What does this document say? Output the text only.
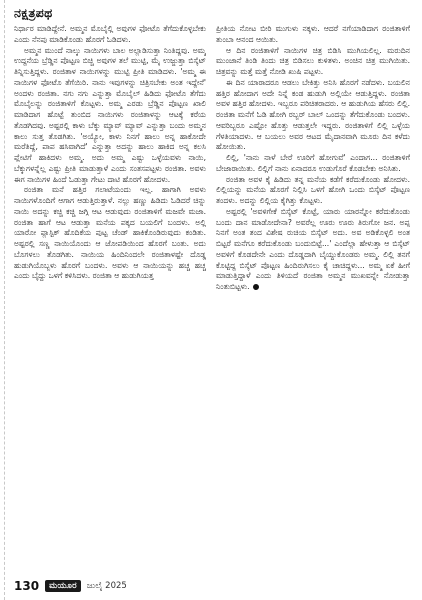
ನಕ್ಷತ್ರಪಥ

ನಿರ್ಧಾರ ಮಾಡಿದ್ದೇನೆ. ಅಮ್ಮನ ಮೊಬೈಲ್ಲಿ ಅವುಗಳ ಫೋಟೊ ತೆಗೆದುಕೊಳ್ಳಬೇಕು ಎಂದು ನೆನಪು ಮಾಡಿಕೊಂಡು ಹೊರಗೆ ಓಡಿದಳು.

ಅಮ್ಮನ ಮುಂದೆ ನಾಲ್ಕು ನಾಯಿಗಳು ಬಾಲ ಅಲ್ಲಾಡಿಸುತ್ತಾ ನಿಂತಿದ್ದವು. ಅಮ್ಮ ಉದ್ದನೆಯ ಬ್ರೆಡ್ಡಿನ ಪೊಟ್ಟಣ ಬಿಚ್ಚಿ ಅವುಗಳ ತಲೆ ಮುಟ್ಟಿ, ಮೈ ಉಜ್ಜುತ್ತಾ ಬಿಸ್ಕೆಟ್ ತಿನ್ನಿಸುತ್ತಿದ್ದಳು. ರಂಜಿತಾಳ ನಾಯಿಗಳನ್ನು ಮುಟ್ಟಿ ಪ್ರೀತಿ ಮಾಡಿದಳು. 'ಅಮ್ಮ ಈ ನಾಯಿಗಳ ಫೋಟೊ ತೆಗೆಯಿರಿ. ನಾನು ಇವುಗಳನ್ನು ಚಿತ್ರಿಸಬೇಕು ಅಂತ ಇದ್ದೇನೆ' ಅಂದಳು ರಂಜಿತಾ. ನಗು ನಗು ಎನ್ನುತ್ತಾ ಮೊಬೈಲ್ ಹಿಡಿದು ಫೋಟೊ ತೆಗೆದು ಮೊಬೈಲನ್ನು ರಂಜಿತಾಳಿಗೆ ಕೊಟ್ಟಳು. ಅಮ್ಮ ಎರಡು ಬ್ರೆಡ್ಡಿನ ಪೊಟ್ಟಣ ಖಾಲಿ ಮಾಡಿದಾಗ ಹೊಟ್ಟೆ ತುಂಬಿದ ನಾಯಿಗಳು ರಂಜಿತಾಳನ್ನು ಆಟಕ್ಕೆ ಕರೆಯ ತೊಡಗಿದವು. ಅಷ್ಟರಲ್ಲಿ ಕಾಳು ಬೆಕ್ಕು ಮ್ಯಾವ್ ಮ್ಯಾವ್ ಎನ್ನುತ್ತಾ ಬಂದು ಅಮ್ಮನ ಕಾಲು ಸುತ್ತ ತೊಡಗಿತು. 'ಅಯ್ಯೋ, ಕಾಳು ನಿನಗೆ ಹಾಲು ಅನ್ನ ಹಾಕೋದೇ ಮರೆತಿದ್ದೆ, ಪಾಪ ಹಸಿವಾಗಿದೆ' ಎನ್ನುತ್ತಾ ಅದನ್ನು ಹಾಲು ಹಾಕಿದ ಅನ್ನ ಕಲಸಿ ಪ್ಲೇಟಿಗೆ ಹಾಕಿದಳು ಅಮ್ಮ. ಅದು ಅಮ್ಮ ಎಷ್ಟು ಒಳ್ಳೆಯವಳು ನಾಯಿ, ಬೆಕ್ಕುಗಳನ್ನೆಲ್ಲ ಎಷ್ಟು ಪ್ರೀತಿ ಮಾಡುತ್ತಾಳೆ ಎಂದು ಸಂತಸಪಟ್ಟಳು ರಂಜಿತಾ. ಅವಳು ಈಗ ನಾಯಿಗಳ ಹಿಂದೆ ಓಡುತ್ತಾ ಗೇಟು ದಾಟಿ ಹೊರಗೆ ಹೋದಳು.

ರಂಜಿತಾ ಮನೆ ಹತ್ತಿರ ಗಲಾಟೆಯಂದು ಇಲ್ಲ. ಹಾಗಾಗಿ ಅವಳು ನಾಯಿಗಳೊಂದಿಗೆ ಆಗಾಗ ಆಡುತ್ತಿರುತ್ತಾಳೆ. ನಲ್ಲು ಹಣ್ಣು ಹಿಡಿದು ಓಡಿದರೆ ಚಿನ್ನು ನಾಯಿ ಅದನ್ನು ಕಚ್ಚಿ ಕಚ್ಚಿ ಜಗ್ಗಿ ಆಟ ಆಡುವುದು ರಂಜಿತಾಳಿಗೆ ಮಜವೇ ಮಜಾ. ರಂಜಿತಾ ಹಾಗೆ ಆಟ ಆಡುತ್ತಾ ಮನೆಯ ಪಕ್ಕದ ಬಯಲಿಗೆ ಬಂದಳು. ಅಲ್ಲಿ ಯಾರೋ ಪ್ಲಾಸ್ಟಿಕ್ ಹೊದಿಕೆಯ ಪುಟ್ಟ ಚೆಂಡ್ ಹಾಕಿಕೊಂಡಿರುವುದು ಕಂಡಿತು. ಅಷ್ಟರಲ್ಲಿ ಸಣ್ಣ ನಾಯಿಯೊಂದು ಆ ಜೋಪಡಿಯಿಂದ ಹೊರಗೆ ಬಂತು. ಅದು ಬೊಗಳಲು ತೊಡಗಿತು. ನಾಯಿಯ ಹಿಂದಿನಿಂದಲೇ ರಂಜಿತಾಳಷ್ಟೇ ದೊಡ್ಡ ಹುಡುಗಿಯೊಬ್ಬಳು ಹೊರಗೆ ಬಂದಳು. ಅವಳು ಆ ನಾಯಿಯನ್ನು ಹಚ್ಚ ಹಚ್ಚ ಎಂದು ಬೈದ್ದು ಒಳಗೆ ಕಳಿಸಿದಳು. ರಂಜಿತಾ ಆ ಹುಡುಗಿಯತ್ತ

ಪ್ರೀತಿಯ ನೋಟ ಬೀರಿ ಮುಗುಳು ನಕ್ಕಳು. ಆದರೆ ನಗೆಯಾಡಿದಾಗ ರಂಜಿತಾಳಿಗೆ ತುಂಬಾ ಆನಂದ ಆಯಿತು.

ಆ ದಿನ ರಂಜಿತಾಳಿಗೆ ನಾಯಿಗಳ ಚಿತ್ರ ಬಿಡಿಸಿ ಮುಗಿಯಲಿಲ್ಲ. ಮರುದಿನ ಮುಂಜಾನೆ ತಿಂಡಿ ತಿಂದು ಚಿತ್ರ ಬಿಡಿಸಲು ಕುಳಿತಳು. ಅಂಚಿನ ಚಿತ್ರ ಮುಗಿಯಿತು. ಚಿತ್ರವನ್ನು ಮತ್ತೆ ಮತ್ತೆ ನೋಡಿ ಖುಷಿ ಪಟ್ಟಳು.

ಈ ದಿನ ಯಾರಾದರೂ ಆಡಲು ಬೇಕಿತ್ತು ಅನಿಸಿ ಹೊರಗೆ ನಡೆದಳು. ಬಯಲಿನ ಹತ್ತಿರ ಹೋದಾಗ ಅದೇ ನಿನ್ನೆ ಕಂಡ ಹುಡುಗಿ ಅಲ್ಲಿಯೇ ಆಡುತ್ತಿದ್ದಳು. ರಂಜಿತಾ ಅವಳ ಹತ್ತಿರ ಹೋದಳು. ಇಬ್ಬರೂ ಪರಿಚಿತರಾದರು. ಆ ಹುಡುಗಿಯ ಹೆಸರು ಲಿಲ್ಲಿ. ರಂಜಿತಾ ಮನೆಗೆ ಓಡಿ ಹೋಗಿ ರಬ್ಬರ್ ಬಾಲ್ ಒಂದನ್ನು ತೆಗೆದುಕೊಂಡು ಬಂದಳು. ಆವರಿಬ್ಬರೂ ಎಷ್ಟೋ ಹೊತ್ತು ಆಡುತ್ತಲೇ ಇದ್ದರು. ರಂಜಿತಾಳಿಗೆ ಲಿಲ್ಲಿ ಒಳ್ಳೆಯ ಗೆಳತಿಯಾದಳು. ಆ ಬಯಲು ಅವರ ಆಟದ ಮೈದಾನವಾಗಿ ಮೂರು ದಿನ ಕಳೆದು ಹೋಯಿತು.

ಲಿಲ್ಲಿ, 'ನಾನು ನಾಳೆ ಬೇರೆ ಊರಿಗೆ ಹೋಗುವೆ' ಎಂದಾಗ... ರಂಜಿತಾಳಿಗೆ ಬೇಜಾರಾಯಿತು. ಲಿಲ್ಲಿಗೆ ನಾನು ಏನಾದರೂ ಉಡುಗೊರೆ ಕೊಡಬೇಕು ಅನಿಸಿತು.

ರಂಜಿತಾ ಅವಳ ಕೈ ಹಿಡಿದು ತನ್ನ ಮನೆಯ ಕಡೆಗೆ ಕರೆದುಕೊಂಡು ಹೋದಳು. ಲಿಲ್ಲಿಯನ್ನು ಮನೆಯ ಹೊರಗೆ ನಿಲ್ಲಿಸಿ ಒಳಗೆ ಹೋಗಿ ಒಂದು ಬಿಸ್ಕೆಟ್ ಪೊಟ್ಟಣ ತಂದಳು. ಅದನ್ನು ಲಿಲ್ಲಿಯ ಕೈಗಿತ್ತು ಕೊಟ್ಟಳು.

ಅಷ್ಟರಲ್ಲಿ 'ಅವಳಿಗೇಕೆ ಬಿಸ್ಕೆಟ್ ಕೊಟ್ಟೆ, ಯಾರು ಯಾರನ್ನೋ ಕರೆದುಕೊಂಡು ಬಂದು ದಾನ ಮಾಡೋದೇನಾ? ಅವರೆಲ್ಲ ಊರು ಊರು ತಿರುಗೋ ಜನ. ಅಪ್ಪ ನಿನಗೆ ಅಂತ ತಂದ ವಿಶೇಷ ರುಚಿಯ ಬಿಸ್ಕೆಟ್ ಅದು. ಅವ ಅಡಿಕೊಳ್ಳಲಿ ಅಂತ ಬಿಟ್ಟರೆ ಮನೆಗೂ ಕರೆದುಕೊಂಡು ಬಂದುಬಿಟ್ಟೆ...' ಎಂದೆಲ್ಲಾ ಹೇಳುತ್ತಾ ಆ ಬಿಸ್ಕೆಟ್ ಅವಳಿಗೆ ಕೊಡದೇನೇ ಎಂದು ದೊಡ್ಡದಾಗಿ ಬೈಯ್ದುಕೊಂಡರು ಅಮ್ಮ. ಲಿಲ್ಲಿ ತನಗೆ ಕೊಟ್ಟಿದ್ದ ಬಿಸ್ಕೆಟ್ ಪೊಟ್ಟಣ ಹಿಂದಿರುಗಿಸಲು ಕೈ ಚಾಚಿದ್ದಳು... ಅಮ್ಮ ಏಕೆ ಹೀಗೆ ಮಾಡುತ್ತಿದ್ದಾಳೆ ಎಂದು ತಿಳಿಯದೆ ರಂಜಿತಾ ಅಮ್ಮನ ಮುಖವನ್ನೇ ನೋಡುತ್ತಾ ನಿಂತುಬಿಟ್ಟಳು.

130	ಮಯೂರ	ಜುಲೈ 2025
